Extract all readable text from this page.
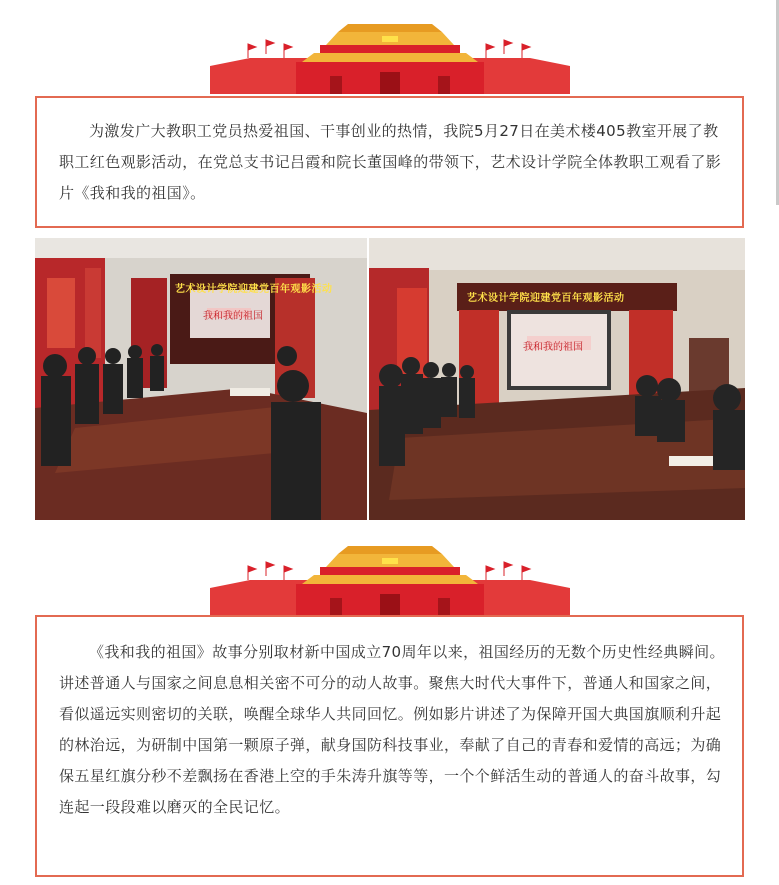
为激发广大教职工党员热爱祖国、干事创业的热情，我院5月27日在美术楼405教室开展了教职工红色观影活动，在党总支书记吕霞和院长董国峰的带领下，艺术设计学院全体教职工观看了影片《我和我的祖国》。

艺术设计学院迎建党百年观影活动
我和我的祖国
艺术设计学院迎建党百年观影活动
我和我的祖国

《我和我的祖国》故事分别取材新中国成立70周年以来，祖国经历的无数个历史性经典瞬间。讲述普通人与国家之间息息相关密不可分的动人故事。聚焦大时代大事件下，普通人和国家之间，看似遥远实则密切的关联，唤醒全球华人共同回忆。例如影片讲述了为保障开国大典国旗顺利升起的林治远，为研制中国第一颗原子弹，献身国防科技事业，奉献了自己的青春和爱情的高远；为确保五星红旗分秒不差飘扬在香港上空的手朱涛升旗等等，一个个鲜活生动的普通人的奋斗故事，勾连起一段段难以磨灭的全民记忆。
